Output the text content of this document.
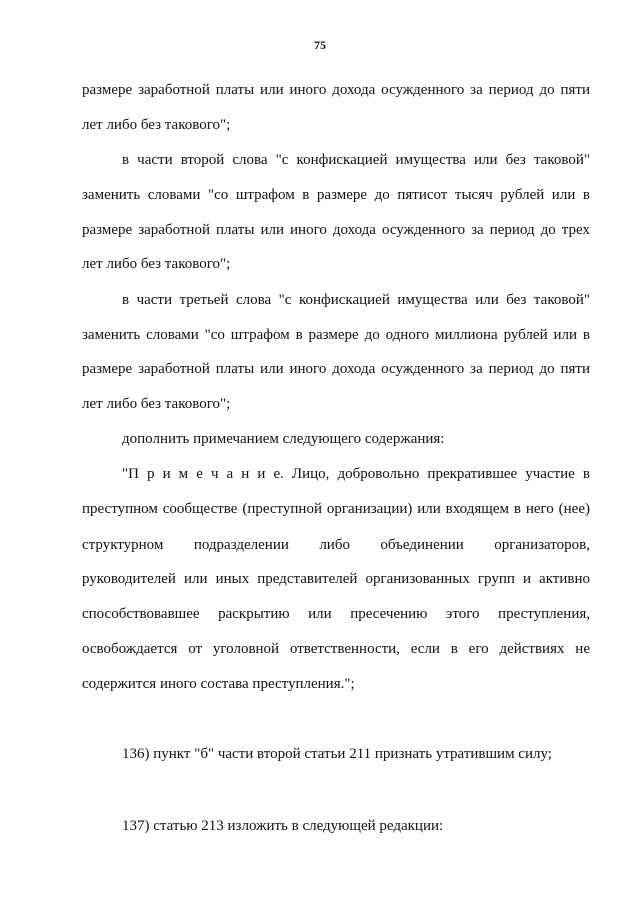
75
размере заработной платы или иного дохода осужденного за период до пяти
лет либо без такового";
в части второй слова "с конфискацией имущества или без таковой"
заменить словами "со штрафом в размере до пятисот тысяч рублей или в
размере заработной платы или иного дохода осужденного за период до трех
лет либо без такового";
в части третьей слова "с конфискацией имущества или без таковой"
заменить словами "со штрафом в размере до одного миллиона рублей или в
размере заработной платы или иного дохода осужденного за период до пяти
лет либо без такового";
дополнить примечанием следующего содержания:
"П р и м е ч а н и е. Лицо, добровольно прекратившее участие в
преступном сообществе (преступной организации) или входящем в него (нее)
структурном подразделении либо объединении организаторов,
руководителей или иных представителей организованных групп и активно
способствовавшее раскрытию или пресечению этого преступления,
освобождается от уголовной ответственности, если в его действиях не
содержится иного состава преступления.";
136) пункт "б" части второй статьи 211 признать утратившим силу;
137) статью 213 изложить в следующей редакции:
